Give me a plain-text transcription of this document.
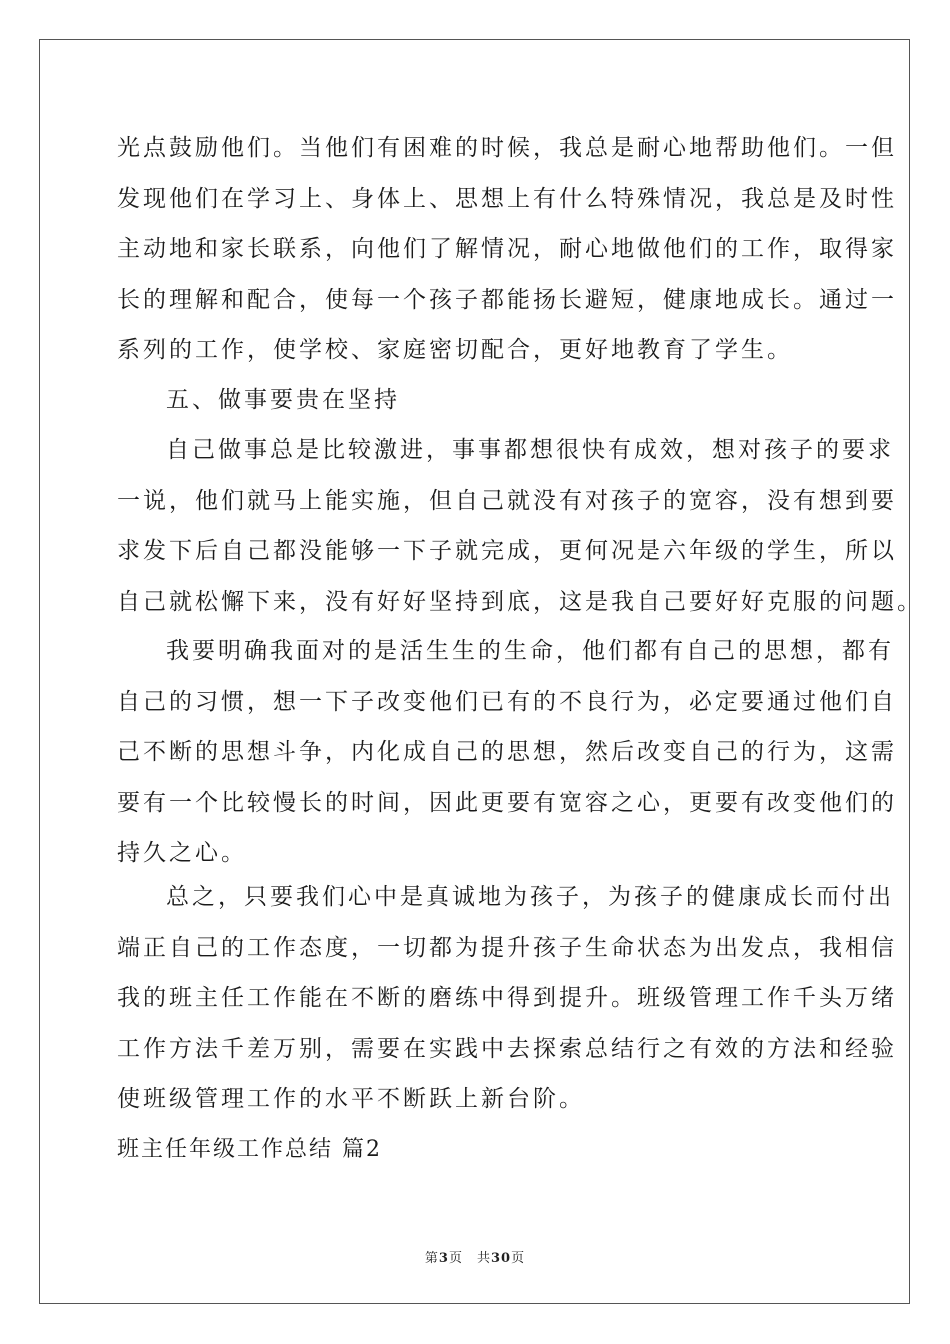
光点鼓励他们。当他们有困难的时候，我总是耐心地帮助他们。一但
发现他们在学习上、身体上、思想上有什么特殊情况，我总是及时性
主动地和家长联系，向他们了解情况，耐心地做他们的工作，取得家
长的理解和配合，使每一个孩子都能扬长避短，健康地成长。通过一
系列的工作，使学校、家庭密切配合，更好地教育了学生。
五、做事要贵在坚持
自己做事总是比较激进，事事都想很快有成效，想对孩子的要求
一说，他们就马上能实施，但自己就没有对孩子的宽容，没有想到要
求发下后自己都没能够一下子就完成，更何况是六年级的学生，所以
自己就松懈下来，没有好好坚持到底，这是我自己要好好克服的问题。
我要明确我面对的是活生生的生命，他们都有自己的思想，都有
自己的习惯，想一下子改变他们已有的不良行为，必定要通过他们自
己不断的思想斗争，内化成自己的思想，然后改变自己的行为，这需
要有一个比较慢长的时间，因此更要有宽容之心，更要有改变他们的
持久之心。
总之，只要我们心中是真诚地为孩子，为孩子的健康成长而付出
端正自己的工作态度，一切都为提升孩子生命状态为出发点，我相信
我的班主任工作能在不断的磨练中得到提升。班级管理工作千头万绪
工作方法千差万别，需要在实践中去探索总结行之有效的方法和经验
使班级管理工作的水平不断跃上新台阶。
班主任年级工作总结 篇2
第3页　共30页
